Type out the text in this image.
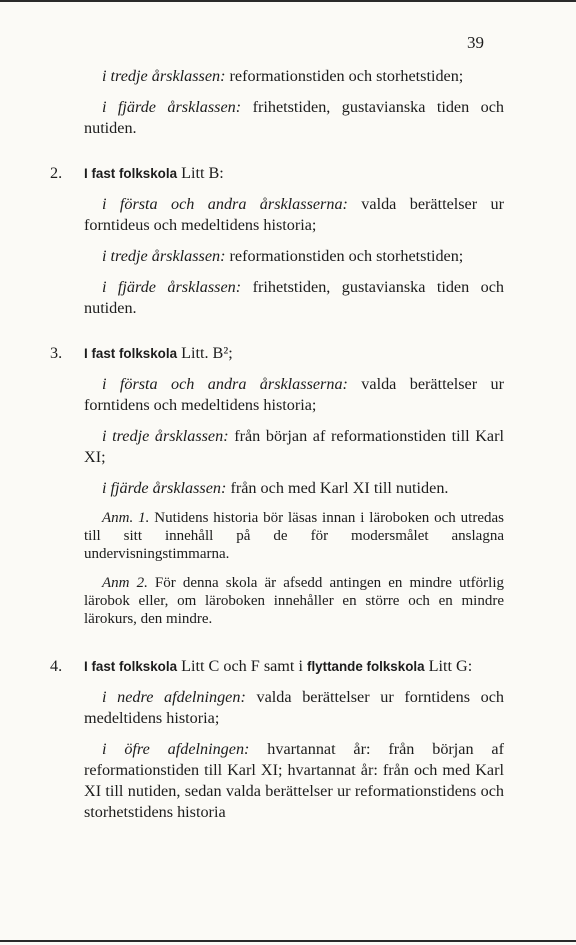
39

i tredje årsklassen: reformationstiden och storhetstiden;

i fjärde årsklassen: frihetstiden, gustavianska tiden och nutiden.

2. I fast folkskola Litt B:

i första och andra årsklasserna: valda berättelser ur forntideus och medeltidens historia;

i tredje årsklassen: reformationstiden och storhetstiden;

i fjärde årsklassen: frihetstiden, gustavianska tiden och nutiden.

3. I fast folkskola Litt. B²;

i första och andra årsklasserna: valda berättelser ur forntidens och medeltidens historia;

i tredje årsklassen: från början af reformationstiden till Karl XI;

i fjärde årsklassen: från och med Karl XI till nutiden.

Anm. 1. Nutidens historia bör läsas innan i läroboken och utredas till sitt innehåll på de för modersmålet anslagna undervisningstimmarna.

Anm 2. För denna skola är afsedd antingen en mindre utförlig lärobok eller, om läroboken innehåller en större och en mindre lärokurs, den mindre.

4. I fast folkskola Litt C och F samt i flyttande folkskola Litt G:

i nedre afdelningen: valda berättelser ur forntidens och medeltidens historia;

i öfre afdelningen: hvartannat år: från början af reformationstiden till Karl XI; hvartannat år: från och med Karl XI till nutiden, sedan valda berättelser ur reformationstidens och storhetstidens historia
